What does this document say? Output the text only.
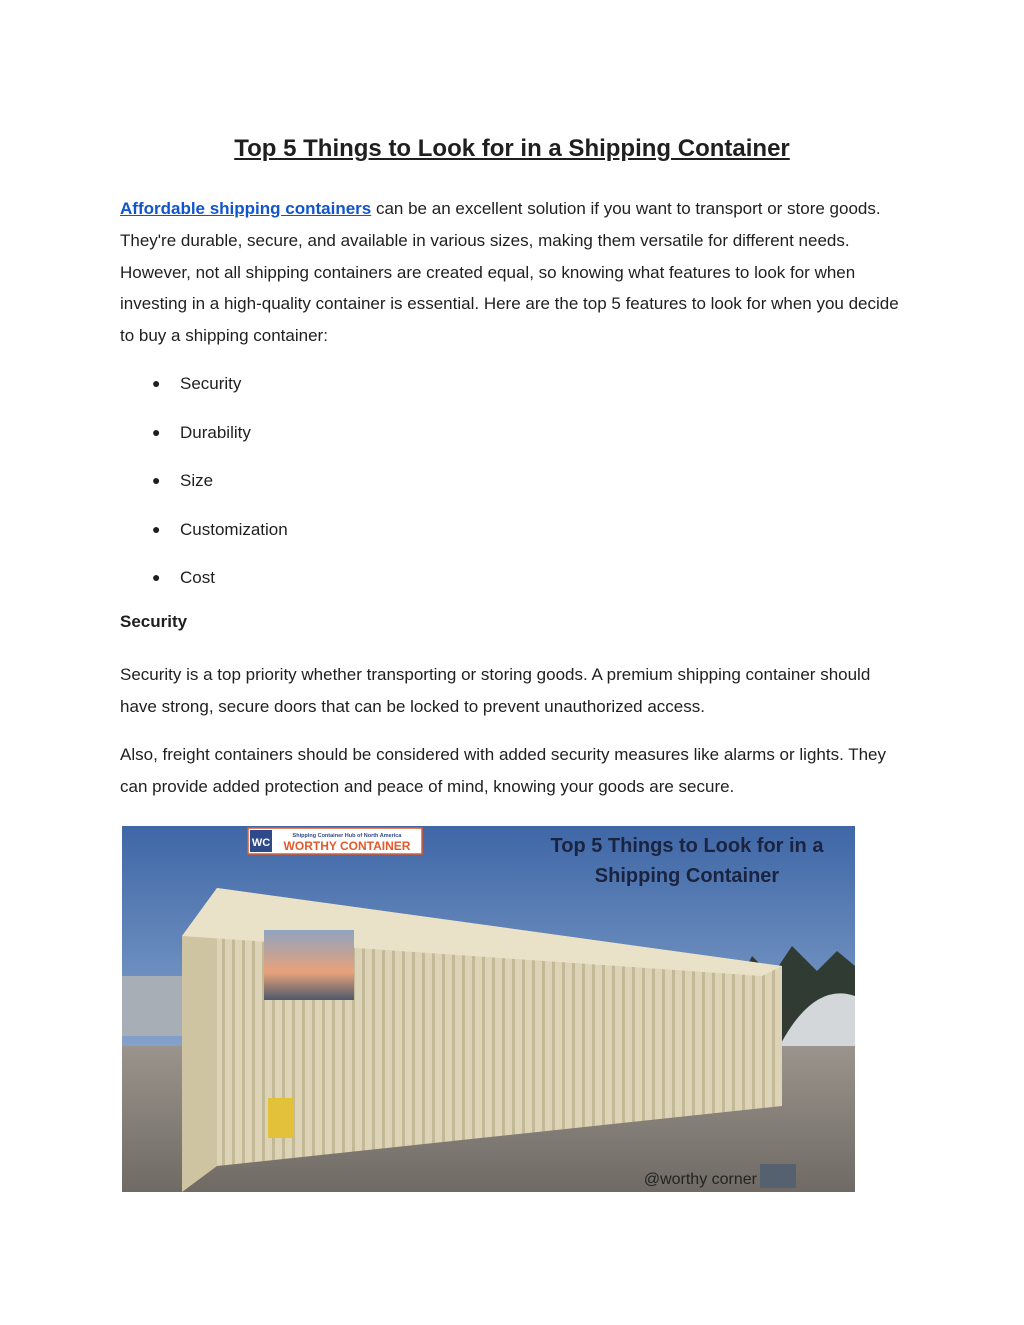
Top 5 Things to Look for in a Shipping Container

Affordable shipping containers can be an excellent solution if you want to transport or store goods. They're durable, secure, and available in various sizes, making them versatile for different needs. However, not all shipping containers are created equal, so knowing what features to look for when investing in a high-quality container is essential. Here are the top 5 features to look for when you decide to buy a shipping container:

● Security
● Durability
● Size
● Customization
● Cost
Security

Security is a top priority whether transporting or storing goods. A premium shipping container should have strong, secure doors that can be locked to prevent unauthorized access.

Also, freight containers should be considered with added security measures like alarms or lights. They can provide added protection and peace of mind, knowing your goods are secure.

WC
Shipping Container Hub of North America
WORTHY CONTAINER	Top 5 Things to Look for in a
Shipping Container
@worthy corner
